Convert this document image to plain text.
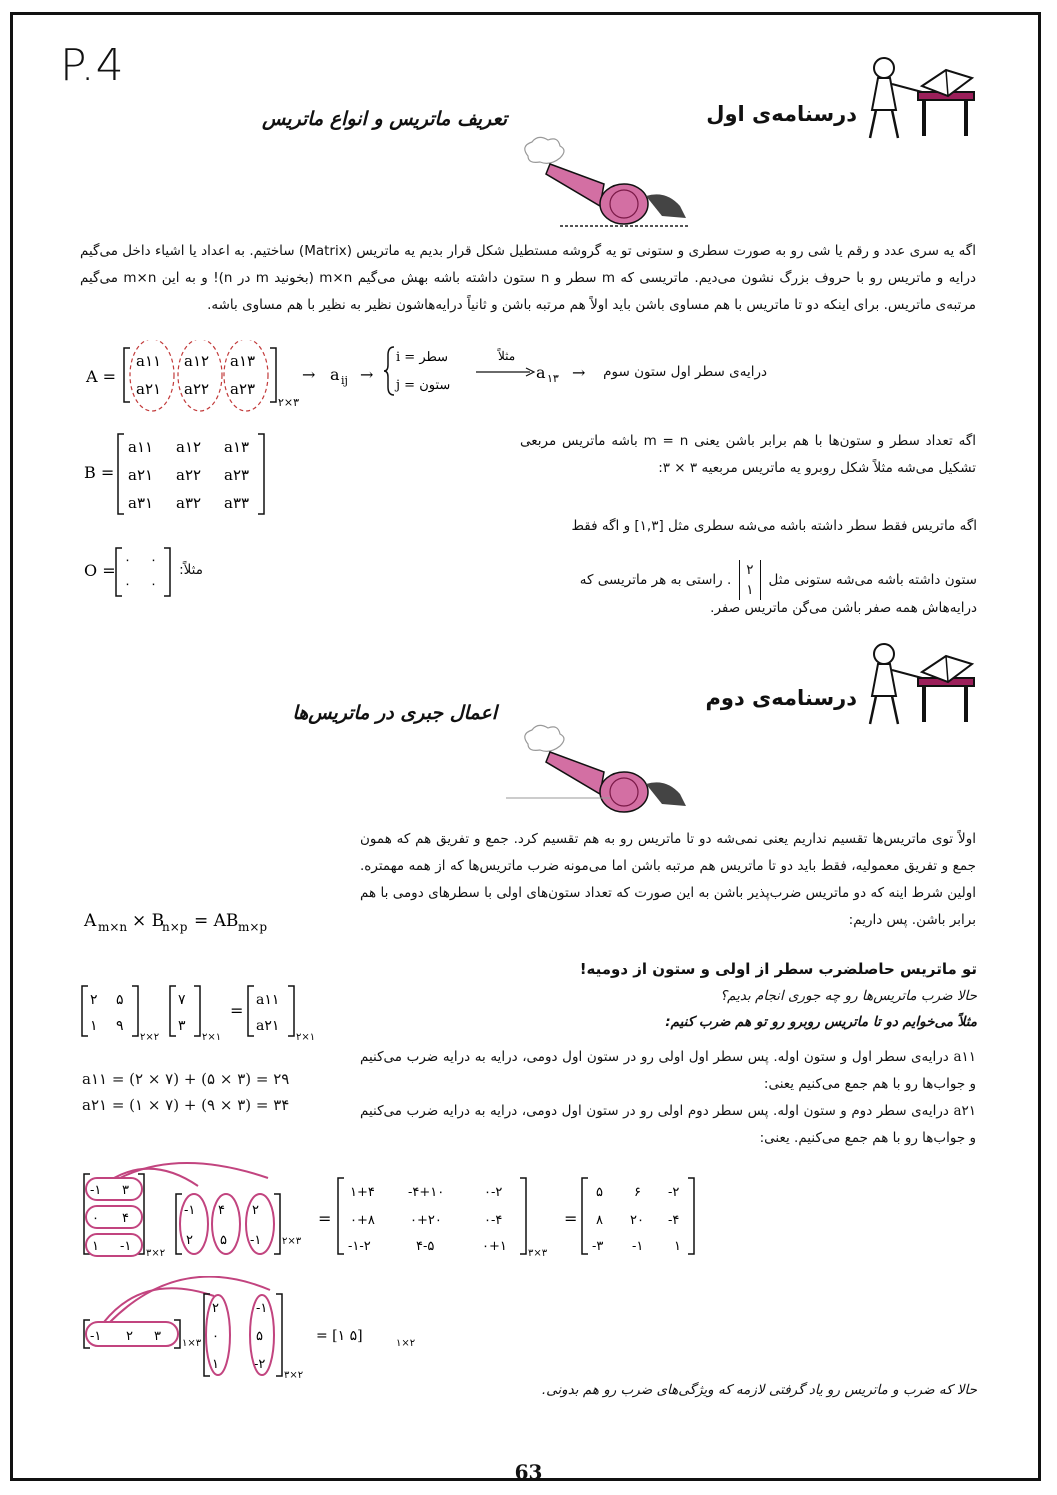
P.4
درسنامه‌ی اول
تعریف ماتریس و انواع ماتریس
اگه یه سری عدد و رقم یا شی رو به صورت سطری و ستونی تو یه گروشه مستطیل شکل قرار بدیم یه ماتریس (Matrix) ساختیم. به اعداد یا اشیاء داخل می‌گیم درایه و ماتریس رو با حروف بزرگ نشون می‌دیم. ماتریسی که m سطر و n ستون داشته باشه بهش می‌گیم m×n (بخونید m در n)! و به این m×n می‌گیم مرتبه‌ی ماتریس. برای اینکه دو تا ماتریس با هم مساوی باشن باید اولاً هم مرتبه باشن و ثانیاً درایه‌هاشون نظیر به نظیر با هم مساوی باشه.
A =
a۱۱ a۱۲ a۱۳
a۲۱ a۲۲ a۲۳
۲×۳
→ a ij →
i = سطر
j = ستون
مثلاً
a ۱۳ → درایه‌ی سطر اول ستون سوم
B =
a۱۱ a۱۲ a۱۳
a۲۱ a۲۲ a۲۳
a۳۱ a۳۲ a۳۳
اگه تعداد سطر و ستون‌ها با هم برابر باشن یعنی m = n باشه ماتریس مربعی تشکیل می‌شه مثلاً شکل روبرو یه ماتریس مربعیه ۳ × ۳:
O =
۰ ۰
۰ ۰
مثلاً:
اگه ماتریس فقط سطر داشته باشه می‌شه سطری مثل [۱,۳] و اگه فقط
ستون داشته باشه می‌شه ستونی مثل
۲
۱
. راستی به هر ماتریسی که
درایه‌هاش همه صفر باشن می‌گن ماتریس صفر.
درسنامه‌ی دوم
اعمال جبری در ماتریس‌ها
اولاً توی ماتریس‌ها تقسیم نداریم یعنی نمی‌شه دو تا ماتریس رو به هم تقسیم کرد. جمع و تفریق هم که همون جمع و تفریق معمولیه، فقط باید دو تا ماتریس هم مرتبه باشن اما می‌مونه ضرب ماتریس‌ها که از همه مهمتره. اولین شرط اینه که دو ماتریس ضرب‌پذیر باشن به این صورت که تعداد ستون‌های اولی با سطرهای دومی با هم برابر باشن. پس داریم:
A m×n × B
n×p = AB m×p
تو ماتریس حاصلضرب سطر از اولی و ستون از دومیه!
حالا ضرب ماتریس‌ها رو چه جوری انجام بدیم؟
مثلاً می‌خوایم دو تا ماتریس روبرو رو تو هم ضرب کنیم:
۲ ۵
۱ ۹
۲×۲
۷
۳
۲×۱
=
a۱۱
a۲۱
۲×۱
a۱۱ = (۲ × ۷) + (۵ × ۳) = ۲۹
a۲۱ = (۱ × ۷) + (۹ × ۳) = ۳۴
a۱۱ درایه‌ی سطر اول و ستون اوله. پس سطر اول اولی رو در ستون اول دومی، درایه به درایه ضرب می‌کنیم و جواب‌ها رو با هم جمع می‌کنیم یعنی:
a۲۱ درایه‌ی سطر دوم و ستون اوله. پس سطر دوم اولی رو در ستون اول دومی، درایه به درایه ضرب می‌کنیم و جواب‌ها رو با هم جمع می‌کنیم. یعنی:
-۱ ۳
۰ ۴
۱ -۱ ۳×۲
-۱ ۴ ۲
۲ ۵ -۱ ۲×۳
=
۱+۴	-۴+۱۰	۰-۲
۰+۸	۰+۲۰	۰-۴
-۱-۲	۴-۵	۰+۱ ۳×۳
=
۵ ۶ -۲
۸ ۲۰ -۴
-۳ -۱ ۱
-۱ ۲ ۳ ۱×۳
۲	-۱
۰	۵
۱	-۲
۳×۲
= [۱ ۵]	۱×۲
حالا که ضرب و ماتریس رو یاد گرفتی لازمه که ویژگی‌های ضرب رو هم بدونی.
63
